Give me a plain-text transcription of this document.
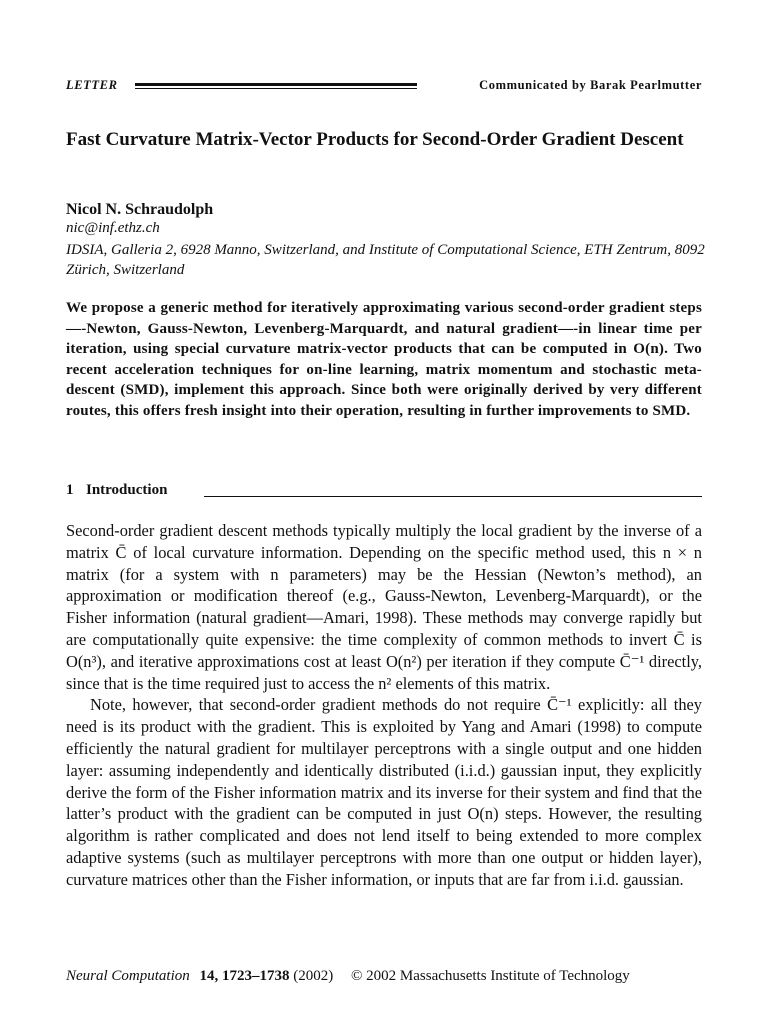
LETTER	Communicated by Barak Pearlmutter
Fast Curvature Matrix-Vector Products for Second-Order Gradient Descent
Nicol N. Schraudolph
nic@inf.ethz.ch
IDSIA, Galleria 2, 6928 Manno, Switzerland, and Institute of Computational Science, ETH Zentrum, 8092 Zürich, Switzerland
We propose a generic method for iteratively approximating various second-order gradient steps—-Newton, Gauss-Newton, Levenberg-Marquardt, and natural gradient—-in linear time per iteration, using special curvature matrix-vector products that can be computed in O(n). Two recent acceleration techniques for on-line learning, matrix momentum and stochastic meta-descent (SMD), implement this approach. Since both were originally derived by very different routes, this offers fresh insight into their operation, resulting in further improvements to SMD.
1 Introduction

Second-order gradient descent methods typically multiply the local gradient by the inverse of a matrix C̄ of local curvature information. Depending on the specific method used, this n × n matrix (for a system with n parameters) may be the Hessian (Newton’s method), an approximation or modification thereof (e.g., Gauss-Newton, Levenberg-Marquardt), or the Fisher information (natural gradient—Amari, 1998). These methods may converge rapidly but are computationally quite expensive: the time complexity of common methods to invert C̄ is O(n³), and iterative approximations cost at least O(n²) per iteration if they compute C̄⁻¹ directly, since that is the time required just to access the n² elements of this matrix.

Note, however, that second-order gradient methods do not require C̄⁻¹ explicitly: all they need is its product with the gradient. This is exploited by Yang and Amari (1998) to compute efficiently the natural gradient for multilayer perceptrons with a single output and one hidden layer: assuming independently and identically distributed (i.i.d.) gaussian input, they explicitly derive the form of the Fisher information matrix and its inverse for their system and find that the latter’s product with the gradient can be computed in just O(n) steps. However, the resulting algorithm is rather complicated and does not lend itself to being extended to more complex adaptive systems (such as multilayer perceptrons with more than one output or hidden layer), curvature matrices other than the Fisher information, or inputs that are far from i.i.d. gaussian.

Neural Computation 14, 1723–1738 (2002) © 2002 Massachusetts Institute of Technology
